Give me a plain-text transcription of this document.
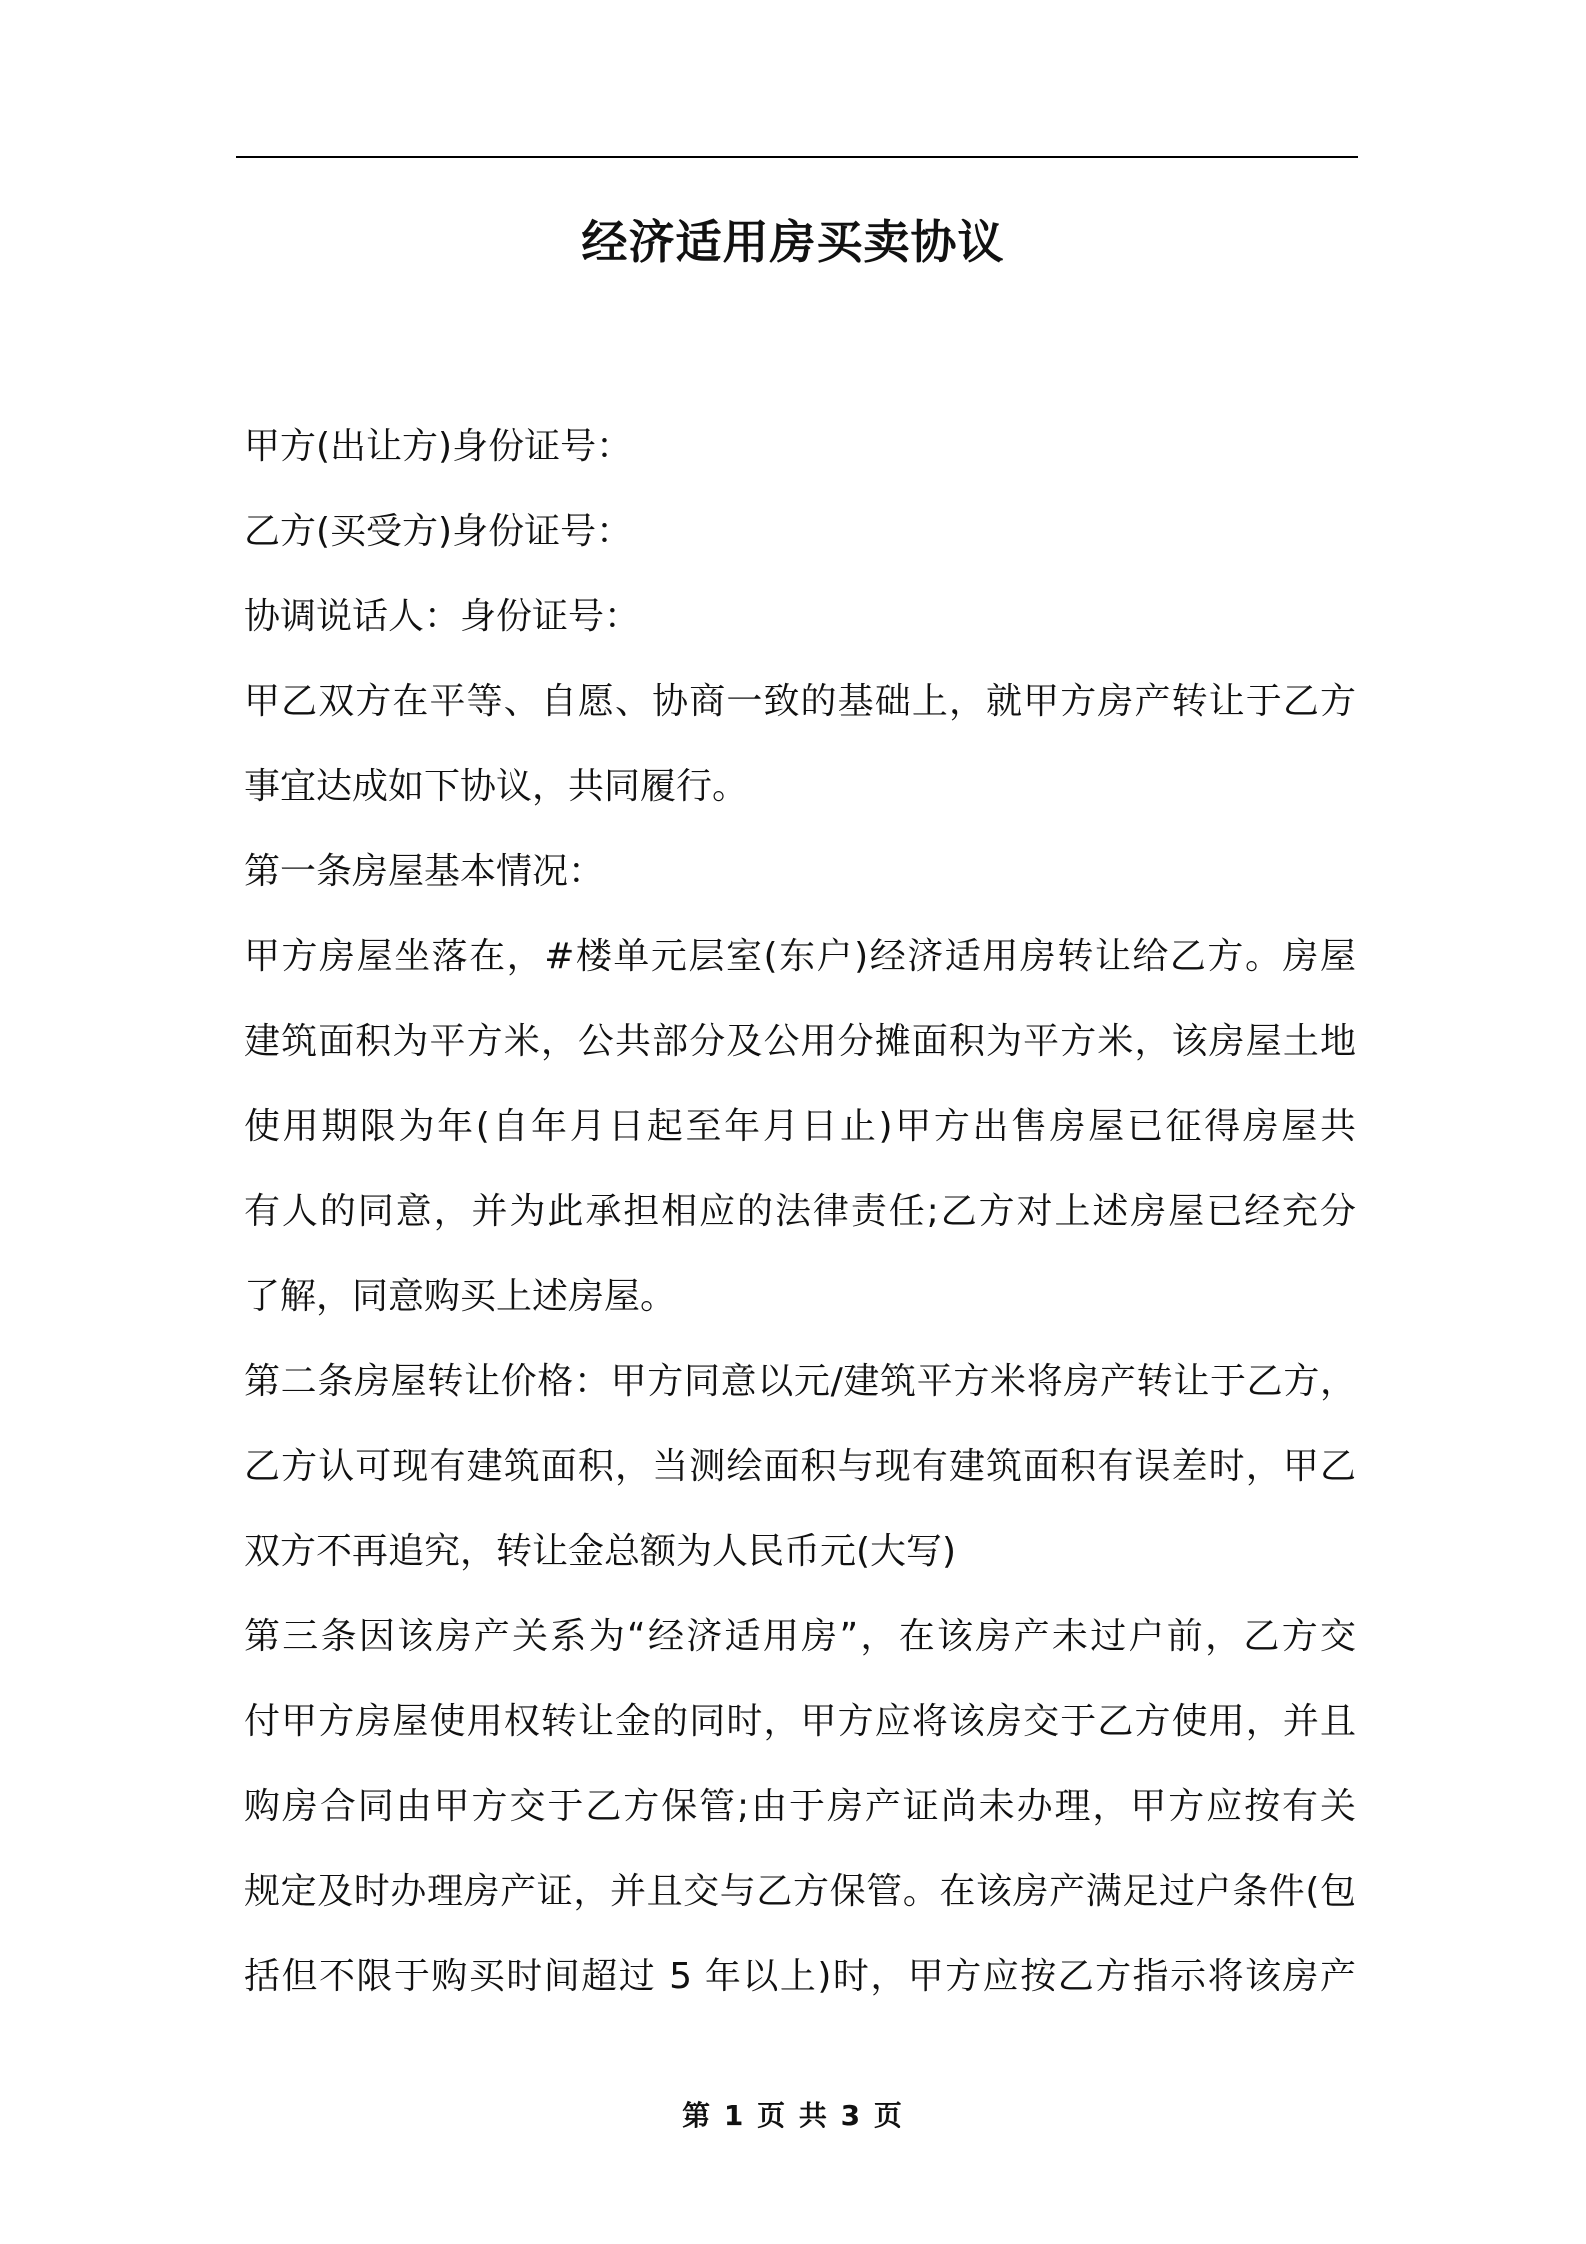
经济适用房买卖协议
甲方(出让方)身份证号：
乙方(买受方)身份证号：
协调说话人：身份证号：
甲乙双方在平等、自愿、协商一致的基础上，就甲方房产转让于乙方
事宜达成如下协议，共同履行。
第一条房屋基本情况：
甲方房屋坐落在，#楼单元层室(东户)经济适用房转让给乙方。房屋
建筑面积为平方米，公共部分及公用分摊面积为平方米，该房屋土地
使用期限为年(自年月日起至年月日止)甲方出售房屋已征得房屋共
有人的同意，并为此承担相应的法律责任;乙方对上述房屋已经充分
了解，同意购买上述房屋。
第二条房屋转让价格：甲方同意以元/建筑平方米将房产转让于乙方，
乙方认可现有建筑面积，当测绘面积与现有建筑面积有误差时，甲乙
双方不再追究，转让金总额为人民币元(大写)
第三条因该房产关系为“经济适用房”，在该房产未过户前，乙方交
付甲方房屋使用权转让金的同时，甲方应将该房交于乙方使用，并且
购房合同由甲方交于乙方保管;由于房产证尚未办理，甲方应按有关
规定及时办理房产证，并且交与乙方保管。在该房产满足过户条件(包
括但不限于购买时间超过 5 年以上)时，甲方应按乙方指示将该房产
第 1 页 共 3 页
